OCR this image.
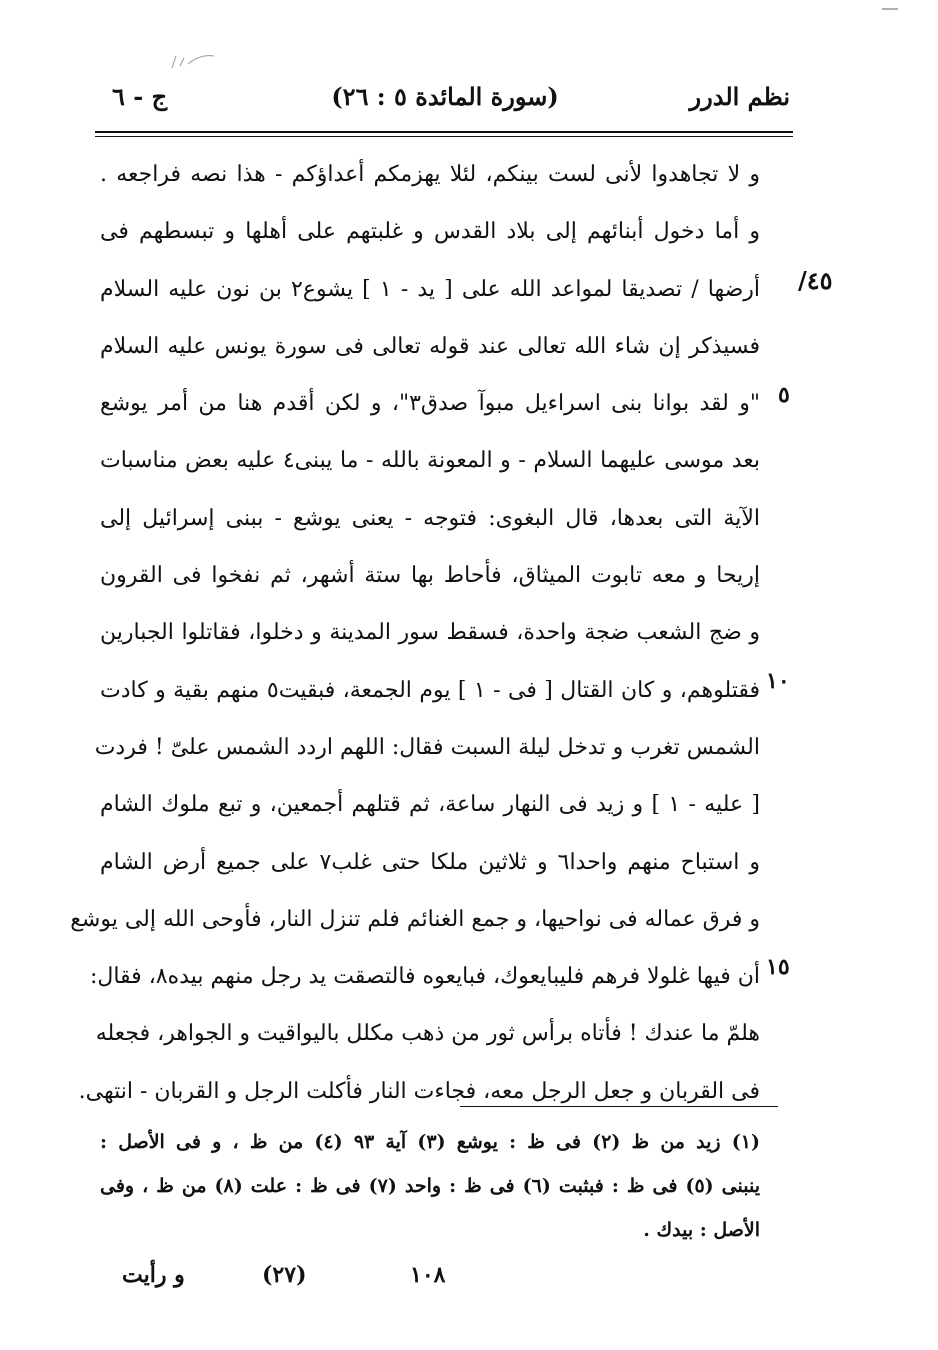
نظم الدرر
(سورة المائدة ٥ : ٢٦)
ج - ٦
٤٥/
٥
١٠
١٥
و لا تجاهدوا لأنى لست بينكم، لئلا يهزمكم أعداؤكم - هذا نصه فراجعه .
و أما دخول أبنائهم إلى بلاد القدس و غلبتهم على أهلها و تبسطهم فى
أرضها / تصديقا لمواعد الله على [ يد - ١ ] يشوع٢ بن نون عليه السلام
فسيذكر إن شاء الله تعالى عند قوله تعالى فى سورة يونس عليه السلام
"و لقد بوانا بنى اسراءيل مبوآ صدق٣"، و لكن أقدم هنا من أمر يوشع
بعد موسى عليهما السلام - و المعونة بالله - ما يبنى٤ عليه بعض مناسبات
الآية التى بعدها، قال البغوى: فتوجه - يعنى يوشع - ببنى إسرائيل إلى
إريحا و معه تابوت الميثاق، فأحاط بها ستة أشهر، ثم نفخوا فى القرون
و ضج الشعب ضجة واحدة، فسقط سور المدينة و دخلوا، فقاتلوا الجبارين
فقتلوهم، و كان القتال [ فى - ١ ] يوم الجمعة، فبقيت٥ منهم بقية و كادت
الشمس تغرب و تدخل ليلة السبت فقال: اللهم اردد الشمس علىّ ! فردت
[ عليه - ١ ] و زيد فى النهار ساعة، ثم قتلهم أجمعين، و تبع ملوك الشام
و استباح منهم واحدا٦ و ثلاثين ملكا حتى غلب٧ على جميع أرض الشام
و فرق عماله فى نواحيها، و جمع الغنائم فلم تنزل النار، فأوحى الله إلى يوشع
أن فيها غلولا فرهم فليبايعوك، فبايعوه فالتصقت يد رجل منهم بيده٨، فقال:
هلمّ ما عندك ! فأتاه برأس ثور من ذهب مكلل باليواقيت و الجواهر، فجعله
فى القربان و جعل الرجل معه، فجاءت النار فأكلت الرجل و القربان - انتهى.
(١) زيد من ظ (٢) فى ظ : يوشع (٣) آية ٩٣ (٤) من ظ ، و فى الأصل :
ينبنى (٥) فى ظ : فبثبت (٦) فى ظ : واحد (٧) فى ظ : علت (٨) من ظ ، وفى
الأصل : بيدك .
و رأيت	(٢٧)	١٠٨
